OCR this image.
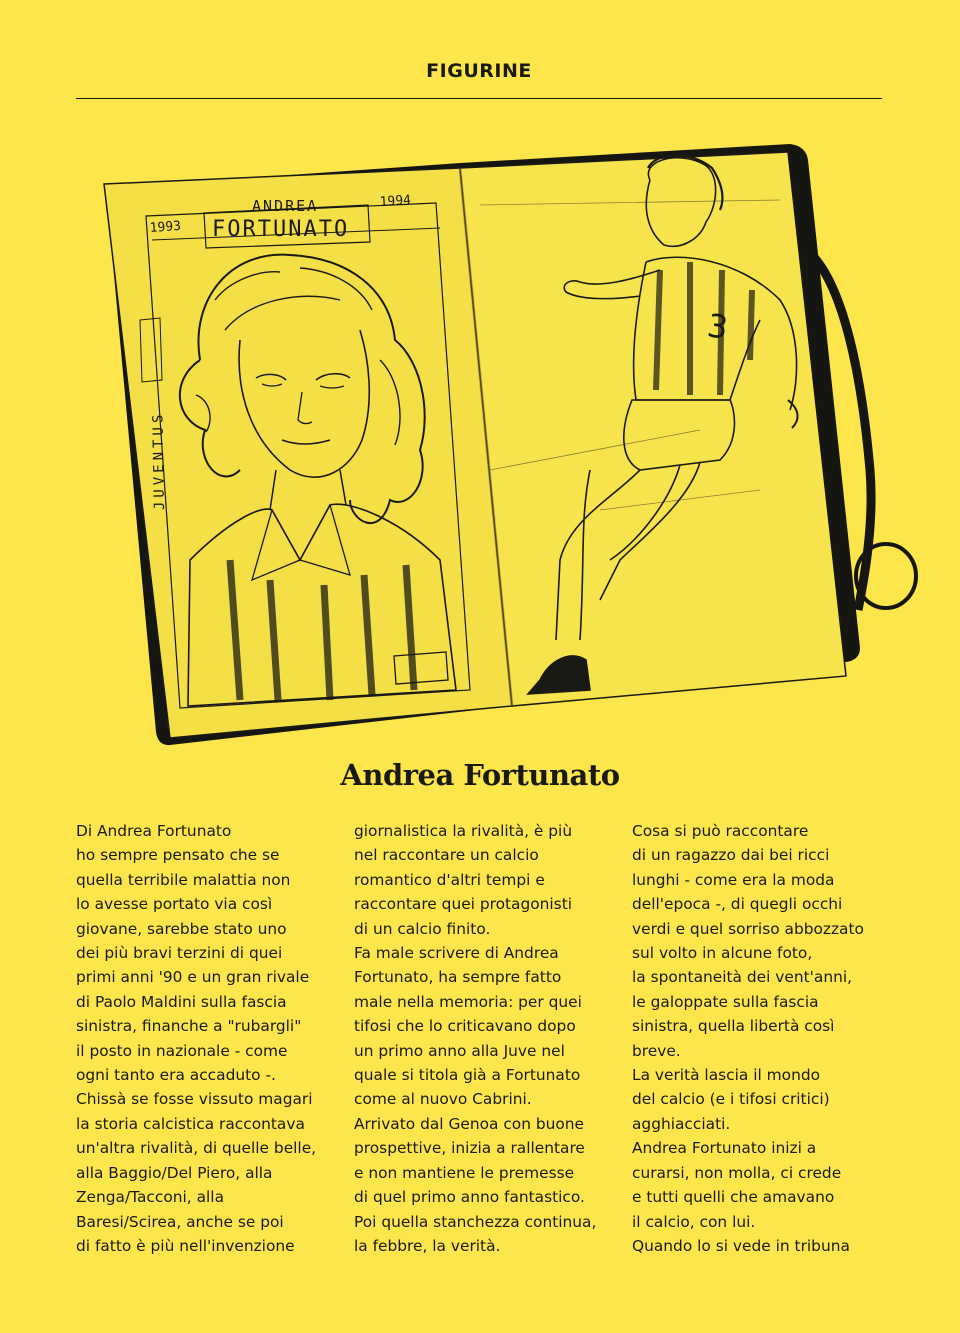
FIGURINE
ANDREA
FORTUNATO
1993
1994
JUVENTUS
3
Andrea Fortunato
Di Andrea Fortunato
ho sempre pensato che se
quella terribile malattia non
lo avesse portato via così
giovane, sarebbe stato uno
dei più bravi terzini di quei
primi anni '90 e un gran rivale
di Paolo Maldini sulla fascia
sinistra, finanche a "rubargli"
il posto in nazionale - come
ogni tanto era accaduto -.
Chissà se fosse vissuto magari
la storia calcistica raccontava
un'altra rivalità, di quelle belle,
alla Baggio/Del Piero, alla
Zenga/Tacconi, alla
Baresi/Scirea, anche se poi
di fatto è più nell'invenzione
giornalistica la rivalità, è più
nel raccontare un calcio
romantico d'altri tempi e
raccontare quei protagonisti
di un calcio finito.
Fa male scrivere di Andrea
Fortunato, ha sempre fatto
male nella memoria: per quei
tifosi che lo criticavano dopo
un primo anno alla Juve nel
quale si titola già a Fortunato
come al nuovo Cabrini.
Arrivato dal Genoa con buone
prospettive, inizia a rallentare
e non mantiene le premesse
di quel primo anno fantastico.
Poi quella stanchezza continua,
la febbre, la verità.
Cosa si può raccontare
di un ragazzo dai bei ricci
lunghi - come era la moda
dell'epoca -, di quegli occhi
verdi e quel sorriso abbozzato
sul volto in alcune foto,
la spontaneità dei vent'anni,
le galoppate sulla fascia
sinistra, quella libertà così
breve.
La verità lascia il mondo
del calcio (e i tifosi critici)
agghiacciati.
Andrea Fortunato inizi a
curarsi, non molla, ci crede
e tutti quelli che amavano
il calcio, con lui.
Quando lo si vede in tribuna
